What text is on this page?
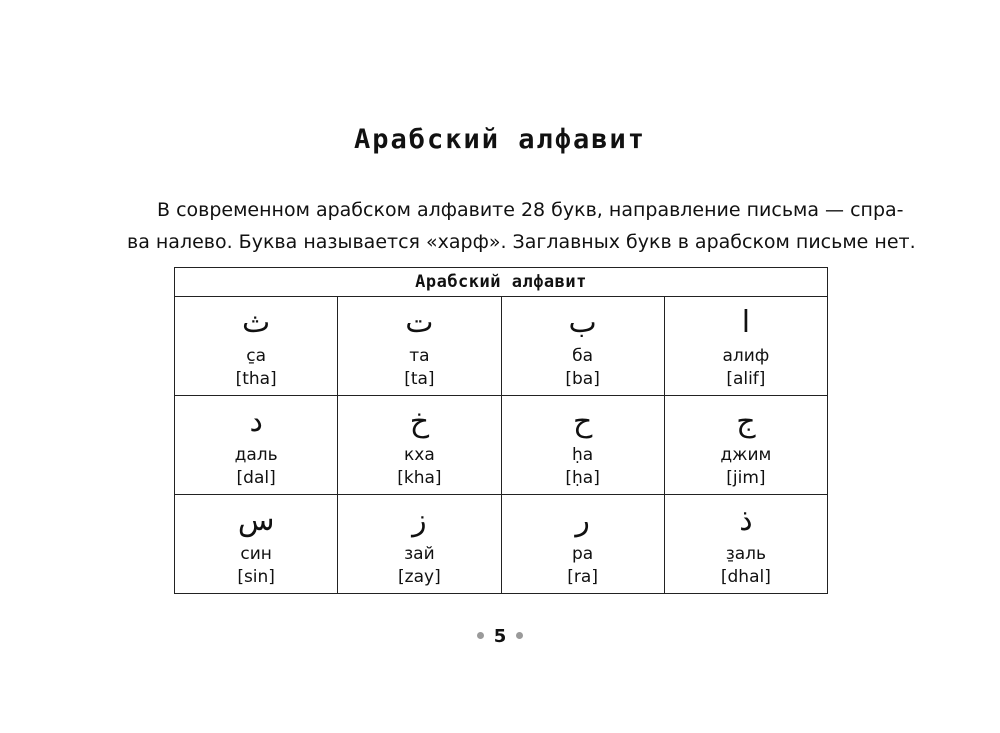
Арабский алфавит
В современном арабском алфавите 28 букв, направление письма — спра-
ва налево. Буква называется «харф». Заглавных букв в арабском письме нет.
Арабский алфавит			

ث
с̱а
[tha]	ت
та
[ta]	ب
ба
[ba]	ا
алиф
[alif]

د
даль
[dal]	خ
кха
[kha]	ح
ḥа
[ḥa]	ج
джим
[jim]

س
син
[sin]	ز
зай
[zay]	ر
ра
[ra]	ذ
з̱аль
[dhal]
5
